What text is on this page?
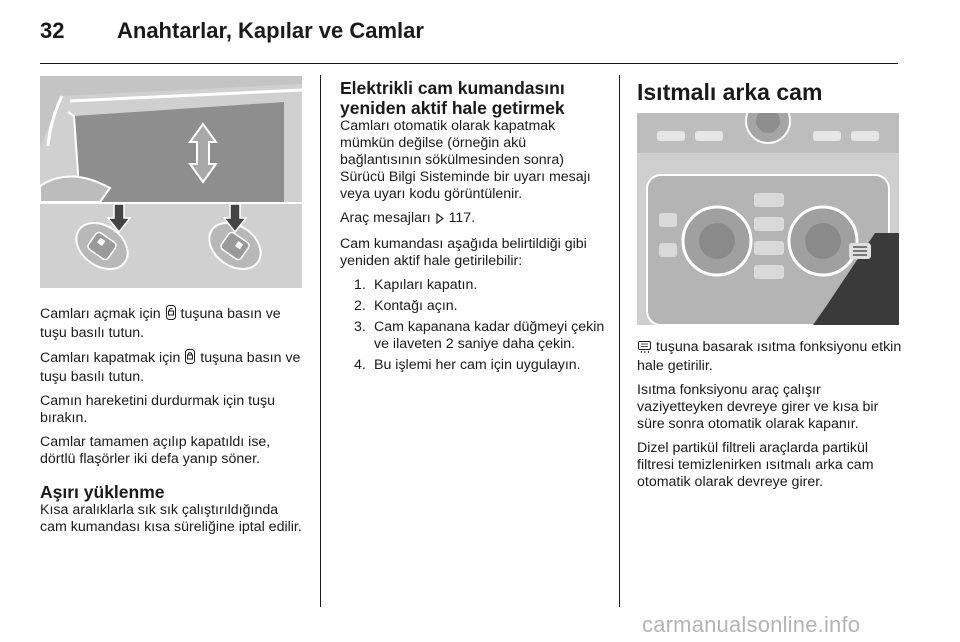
32 Anahtarlar, Kapılar ve Camlar

Camları açmak için tuşuna basın ve tuşu basılı tutun.

Camları kapatmak için tuşuna basın ve tuşu basılı tutun.

Camın hareketini durdurmak için tuşu bırakın.

Camlar tamamen açılıp kapatıldı ise, dörtlü flaşörler iki defa yanıp söner.

Aşırı yüklenme

Kısa aralıklarla sık sık çalıştırıldığında cam kumandası kısa süreliğine iptal edilir.

Elektrikli cam kumandasını yeniden aktif hale getirmek

Camları otomatik olarak kapatmak mümkün değilse (örneğin akü bağlantısının sökülmesinden sonra) Sürücü Bilgi Sisteminde bir uyarı mesajı veya uyarı kodu görüntülenir.

Araç mesajları 117.

Cam kumandası aşağıda belirtildiği gibi yeniden aktif hale getirilebilir:

1. Kapıları kapatın.
2. Kontağı açın.
3. Cam kapanana kadar düğmeyi çekin ve ilaveten 2 saniye daha çekin.
4. Bu işlemi her cam için uygulayın.
Isıtmalı arka cam

tuşuna basarak ısıtma fonksiyonu etkin hale getirilir.

Isıtma fonksiyonu araç çalışır vaziyetteyken devreye girer ve kısa bir süre sonra otomatik olarak kapanır.

Dizel partikül filtreli araçlarda partikül filtresi temizlenirken ısıtmalı arka cam otomatik olarak devreye girer.

carmanualsonline.info
